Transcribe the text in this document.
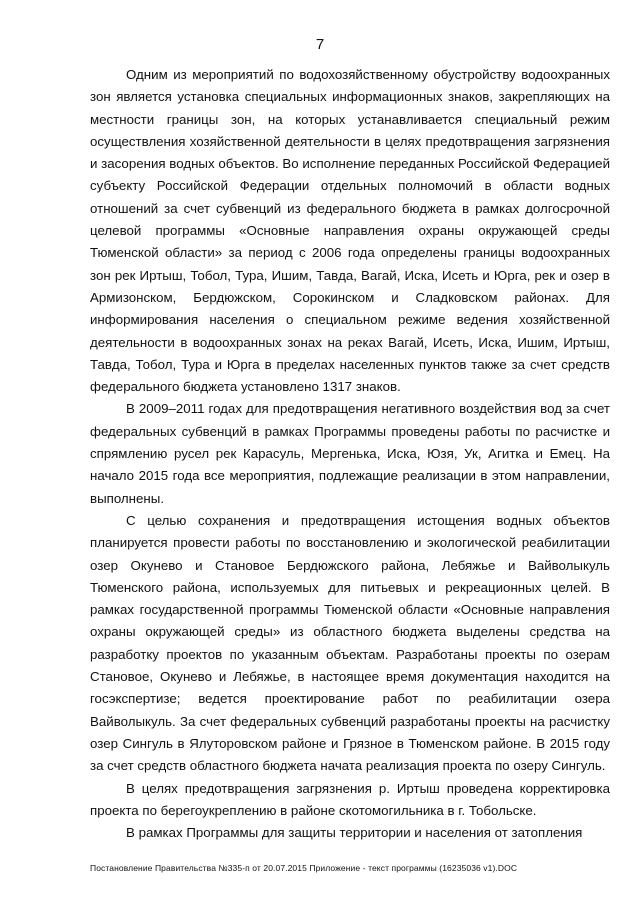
7

Одним из мероприятий по водохозяйственному обустройству водоохранных зон является установка специальных информационных знаков, закрепляющих на местности границы зон, на которых устанавливается специальный режим осуществления хозяйственной деятельности в целях предотвращения загрязнения и засорения водных объектов. Во исполнение переданных Российской Федерацией субъекту Российской Федерации отдельных полномочий в области водных отношений за счет субвенций из федерального бюджета в рамках долгосрочной целевой программы «Основные направления охраны окружающей среды Тюменской области» за период с 2006 года определены границы водоохранных зон рек Иртыш, Тобол, Тура, Ишим, Тавда, Вагай, Иска, Исеть и Юрга, рек и озер в Армизонском, Бердюжском, Сорокинском и Сладковском районах. Для информирования населения о специальном режиме ведения хозяйственной деятельности в водоохранных зонах на реках Вагай, Исеть, Иска, Ишим, Иртыш, Тавда, Тобол, Тура и Юрга в пределах населенных пунктов также за счет средств федерального бюджета установлено 1317 знаков.

В 2009–2011 годах для предотвращения негативного воздействия вод за счет федеральных субвенций в рамках Программы проведены работы по расчистке и спрямлению русел рек Карасуль, Мергенька, Иска, Юзя, Ук, Агитка и Емец. На начало 2015 года все мероприятия, подлежащие реализации в этом направлении, выполнены.

С целью сохранения и предотвращения истощения водных объектов планируется провести работы по восстановлению и экологической реабилитации озер Окунево и Становое Бердюжского района, Лебяжье и Вайволыкуль Тюменского района, используемых для питьевых и рекреационных целей. В рамках государственной программы Тюменской области «Основные направления охраны окружающей среды» из областного бюджета выделены средства на разработку проектов по указанным объектам. Разработаны проекты по озерам Становое, Окунево и Лебяжье, в настоящее время документация находится на госэкспертизе; ведется проектирование работ по реабилитации озера Вайволыкуль. За счет федеральных субвенций разработаны проекты на расчистку озер Сингуль в Ялуторовском районе и Грязное в Тюменском районе. В 2015 году за счет средств областного бюджета начата реализация проекта по озеру Сингуль.

В целях предотвращения загрязнения р. Иртыш проведена корректировка проекта по берегоукреплению в районе скотомогильника в г. Тобольске.

В рамках Программы для защиты территории и населения от затопления

Постановление Правительства №335-п от 20.07.2015 Приложение - текст программы (16235036 v1).DOC
